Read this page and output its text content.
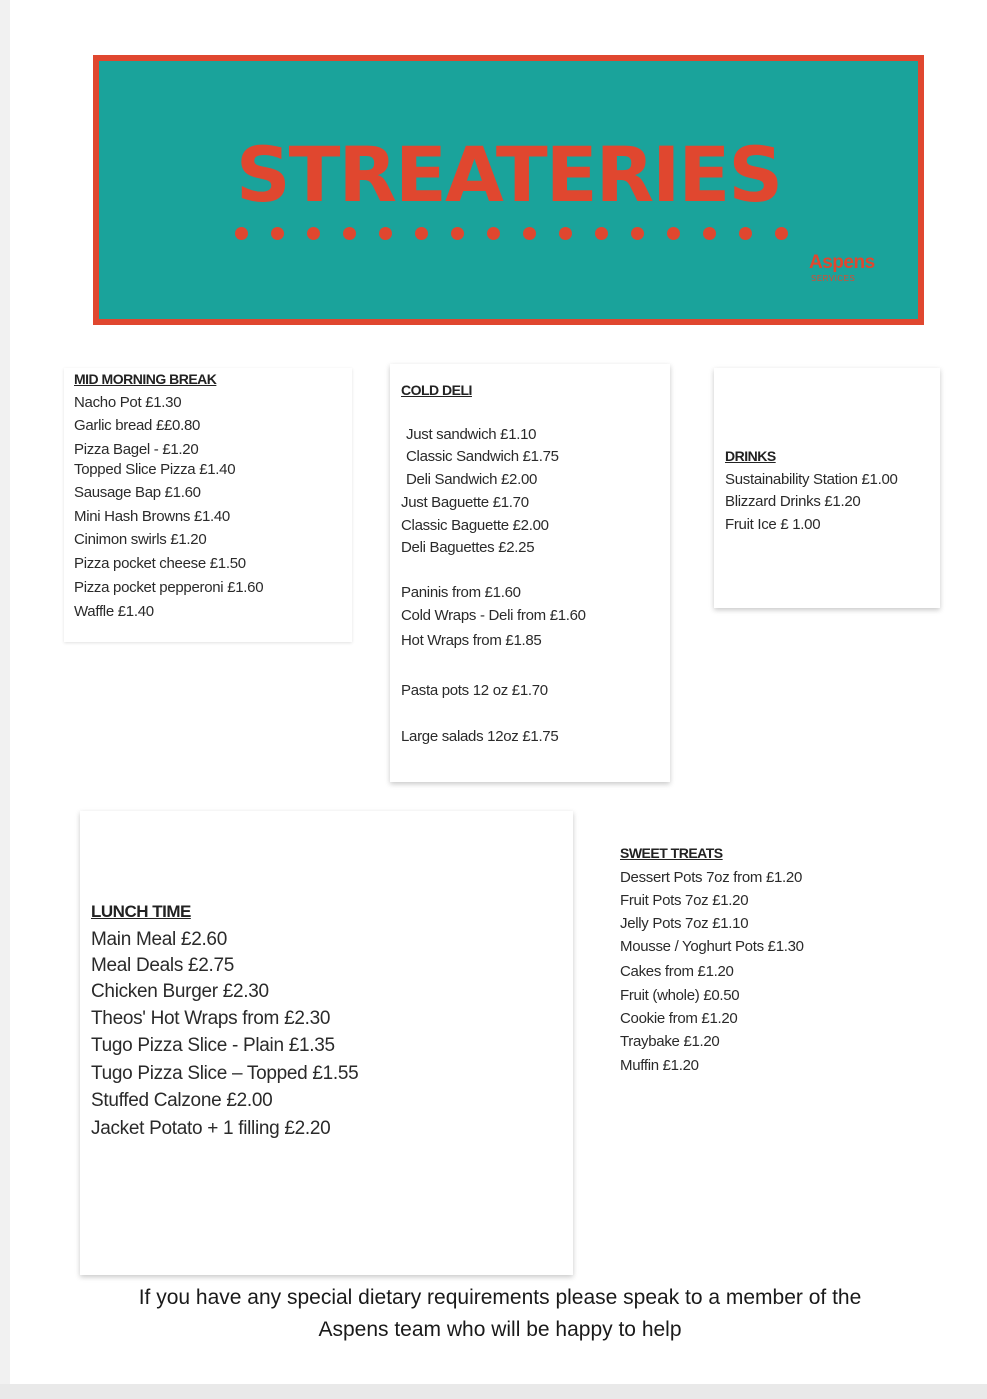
STREATERIES
Aspens
SERVICES
MID MORNING BREAK
Nacho Pot £1.30
Garlic bread ££0.80
Pizza Bagel - £1.20
Topped Slice Pizza £1.40
Sausage Bap £1.60
Mini Hash Browns £1.40
Cinimon swirls £1.20
Pizza pocket cheese £1.50
Pizza pocket pepperoni £1.60
Waffle £1.40
COLD DELI
Just sandwich £1.10
Classic Sandwich £1.75
Deli Sandwich £2.00
Just Baguette £1.70
Classic Baguette £2.00
Deli Baguettes £2.25
Paninis from £1.60
Cold Wraps - Deli from £1.60
Hot Wraps from £1.85
Pasta pots 12 oz £1.70
Large salads 12oz £1.75
DRINKS
Sustainability Station £1.00
Blizzard Drinks £1.20
Fruit Ice £ 1.00
LUNCH TIME
Main Meal £2.60
Meal Deals £2.75
Chicken Burger £2.30
Theos' Hot Wraps from £2.30
Tugo Pizza Slice - Plain £1.35
Tugo Pizza Slice – Topped £1.55
Stuffed Calzone £2.00
Jacket Potato + 1 filling £2.20
SWEET TREATS
Dessert Pots 7oz from £1.20
Fruit Pots 7oz £1.20
Jelly Pots 7oz £1.10
Mousse / Yoghurt Pots £1.30
Cakes from £1.20
Fruit (whole) £0.50
Cookie from £1.20
Traybake £1.20
Muffin £1.20
If you have any special dietary requirements please speak to a member of the
Aspens team who will be happy to help
